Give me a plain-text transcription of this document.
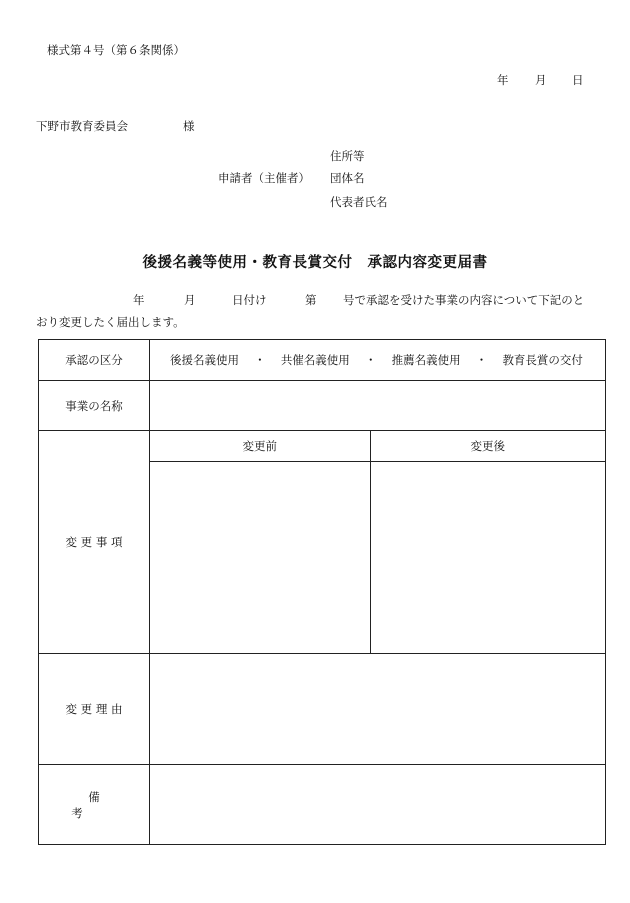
様式第４号（第６条関係）
年 月 日
下野市教育委員会	様
住所等
申請者（主催者） 団体名
代表者氏名
後援名義等使用・教育長賞交付　承認内容変更届書
年	月	日付け	第 号で承認を受けた事業の内容について下記のと
おり変更したく届出します。
承認の区分	後援名義使用	・	共催名義使用	・	推薦名義使用	・	教育長賞の交付

事業の名称	
変 更 事 項	
変更前	変更後

変 更 理 由	
備考	
